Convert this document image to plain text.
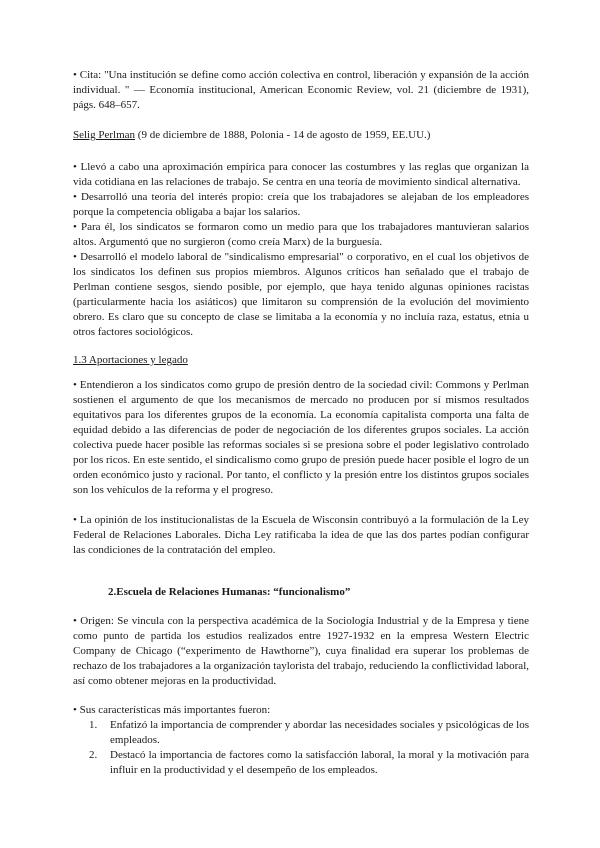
• Cita: "Una institución se define como acción colectiva en control, liberación y expansión de la acción individual. " — Economía institucional, American Economic Review, vol. 21 (diciembre de 1931), págs. 648–657.

Selig Perlman (9 de diciembre de 1888, Polonia - 14 de agosto de 1959, EE.UU.)

• Llevó a cabo una aproximación empírica para conocer las costumbres y las reglas que organizan la vida cotidiana en las relaciones de trabajo. Se centra en una teoría de movimiento sindical alternativa.

• Desarrolló una teoría del interés propio: creía que los trabajadores se alejaban de los empleadores porque la competencia obligaba a bajar los salarios.

• Para él, los sindicatos se formaron como un medio para que los trabajadores mantuvieran salarios altos. Argumentó que no surgieron (como creía Marx) de la burguesía.

• Desarrolló el modelo laboral de "sindicalismo empresarial" o corporativo, en el cual los objetivos de los sindicatos los definen sus propios miembros. Algunos críticos han señalado que el trabajo de Perlman contiene sesgos, siendo posible, por ejemplo, que haya tenido algunas opiniones racistas (particularmente hacia los asiáticos) que limitaron su comprensión de la evolución del movimiento obrero. Es claro que su concepto de clase se limitaba a la economía y no incluía raza, estatus, etnia u otros factores sociológicos.

1.3 Aportaciones y legado

• Entendieron a los sindicatos como grupo de presión dentro de la sociedad civil: Commons y Perlman sostienen el argumento de que los mecanismos de mercado no producen por sí mismos resultados equitativos para los diferentes grupos de la economía. La economía capitalista comporta una falta de equidad debido a las diferencias de poder de negociación de los diferentes grupos sociales. La acción colectiva puede hacer posible las reformas sociales si se presiona sobre el poder legislativo controlado por los ricos. En este sentido, el sindicalismo como grupo de presión puede hacer posible el logro de un orden económico justo y racional. Por tanto, el conflicto y la presión entre los distintos grupos sociales son los vehículos de la reforma y el progreso.

• La opinión de los institucionalistas de la Escuela de Wisconsin contribuyó a la formulación de la Ley Federal de Relaciones Laborales. Dicha Ley ratificaba la idea de que las dos partes podían configurar las condiciones de la contratación del empleo.

2.Escuela de Relaciones Humanas: “funcionalismo”

• Origen: Se vincula con la perspectiva académica de la Sociología Industrial y de la Empresa y tiene como punto de partida los estudios realizados entre 1927-1932 en la empresa Western Electric Company de Chicago (“experimento de Hawthorne”), cuya finalidad era superar los problemas de rechazo de los trabajadores a la organización taylorista del trabajo, reduciendo la conflictividad laboral, así como obtener mejoras en la productividad.

• Sus características más importantes fueron:

1. Enfatizó la importancia de comprender y abordar las necesidades sociales y psicológicas de los empleados.
2. Destacó la importancia de factores como la satisfacción laboral, la moral y la motivación para influir en la productividad y el desempeño de los empleados.
